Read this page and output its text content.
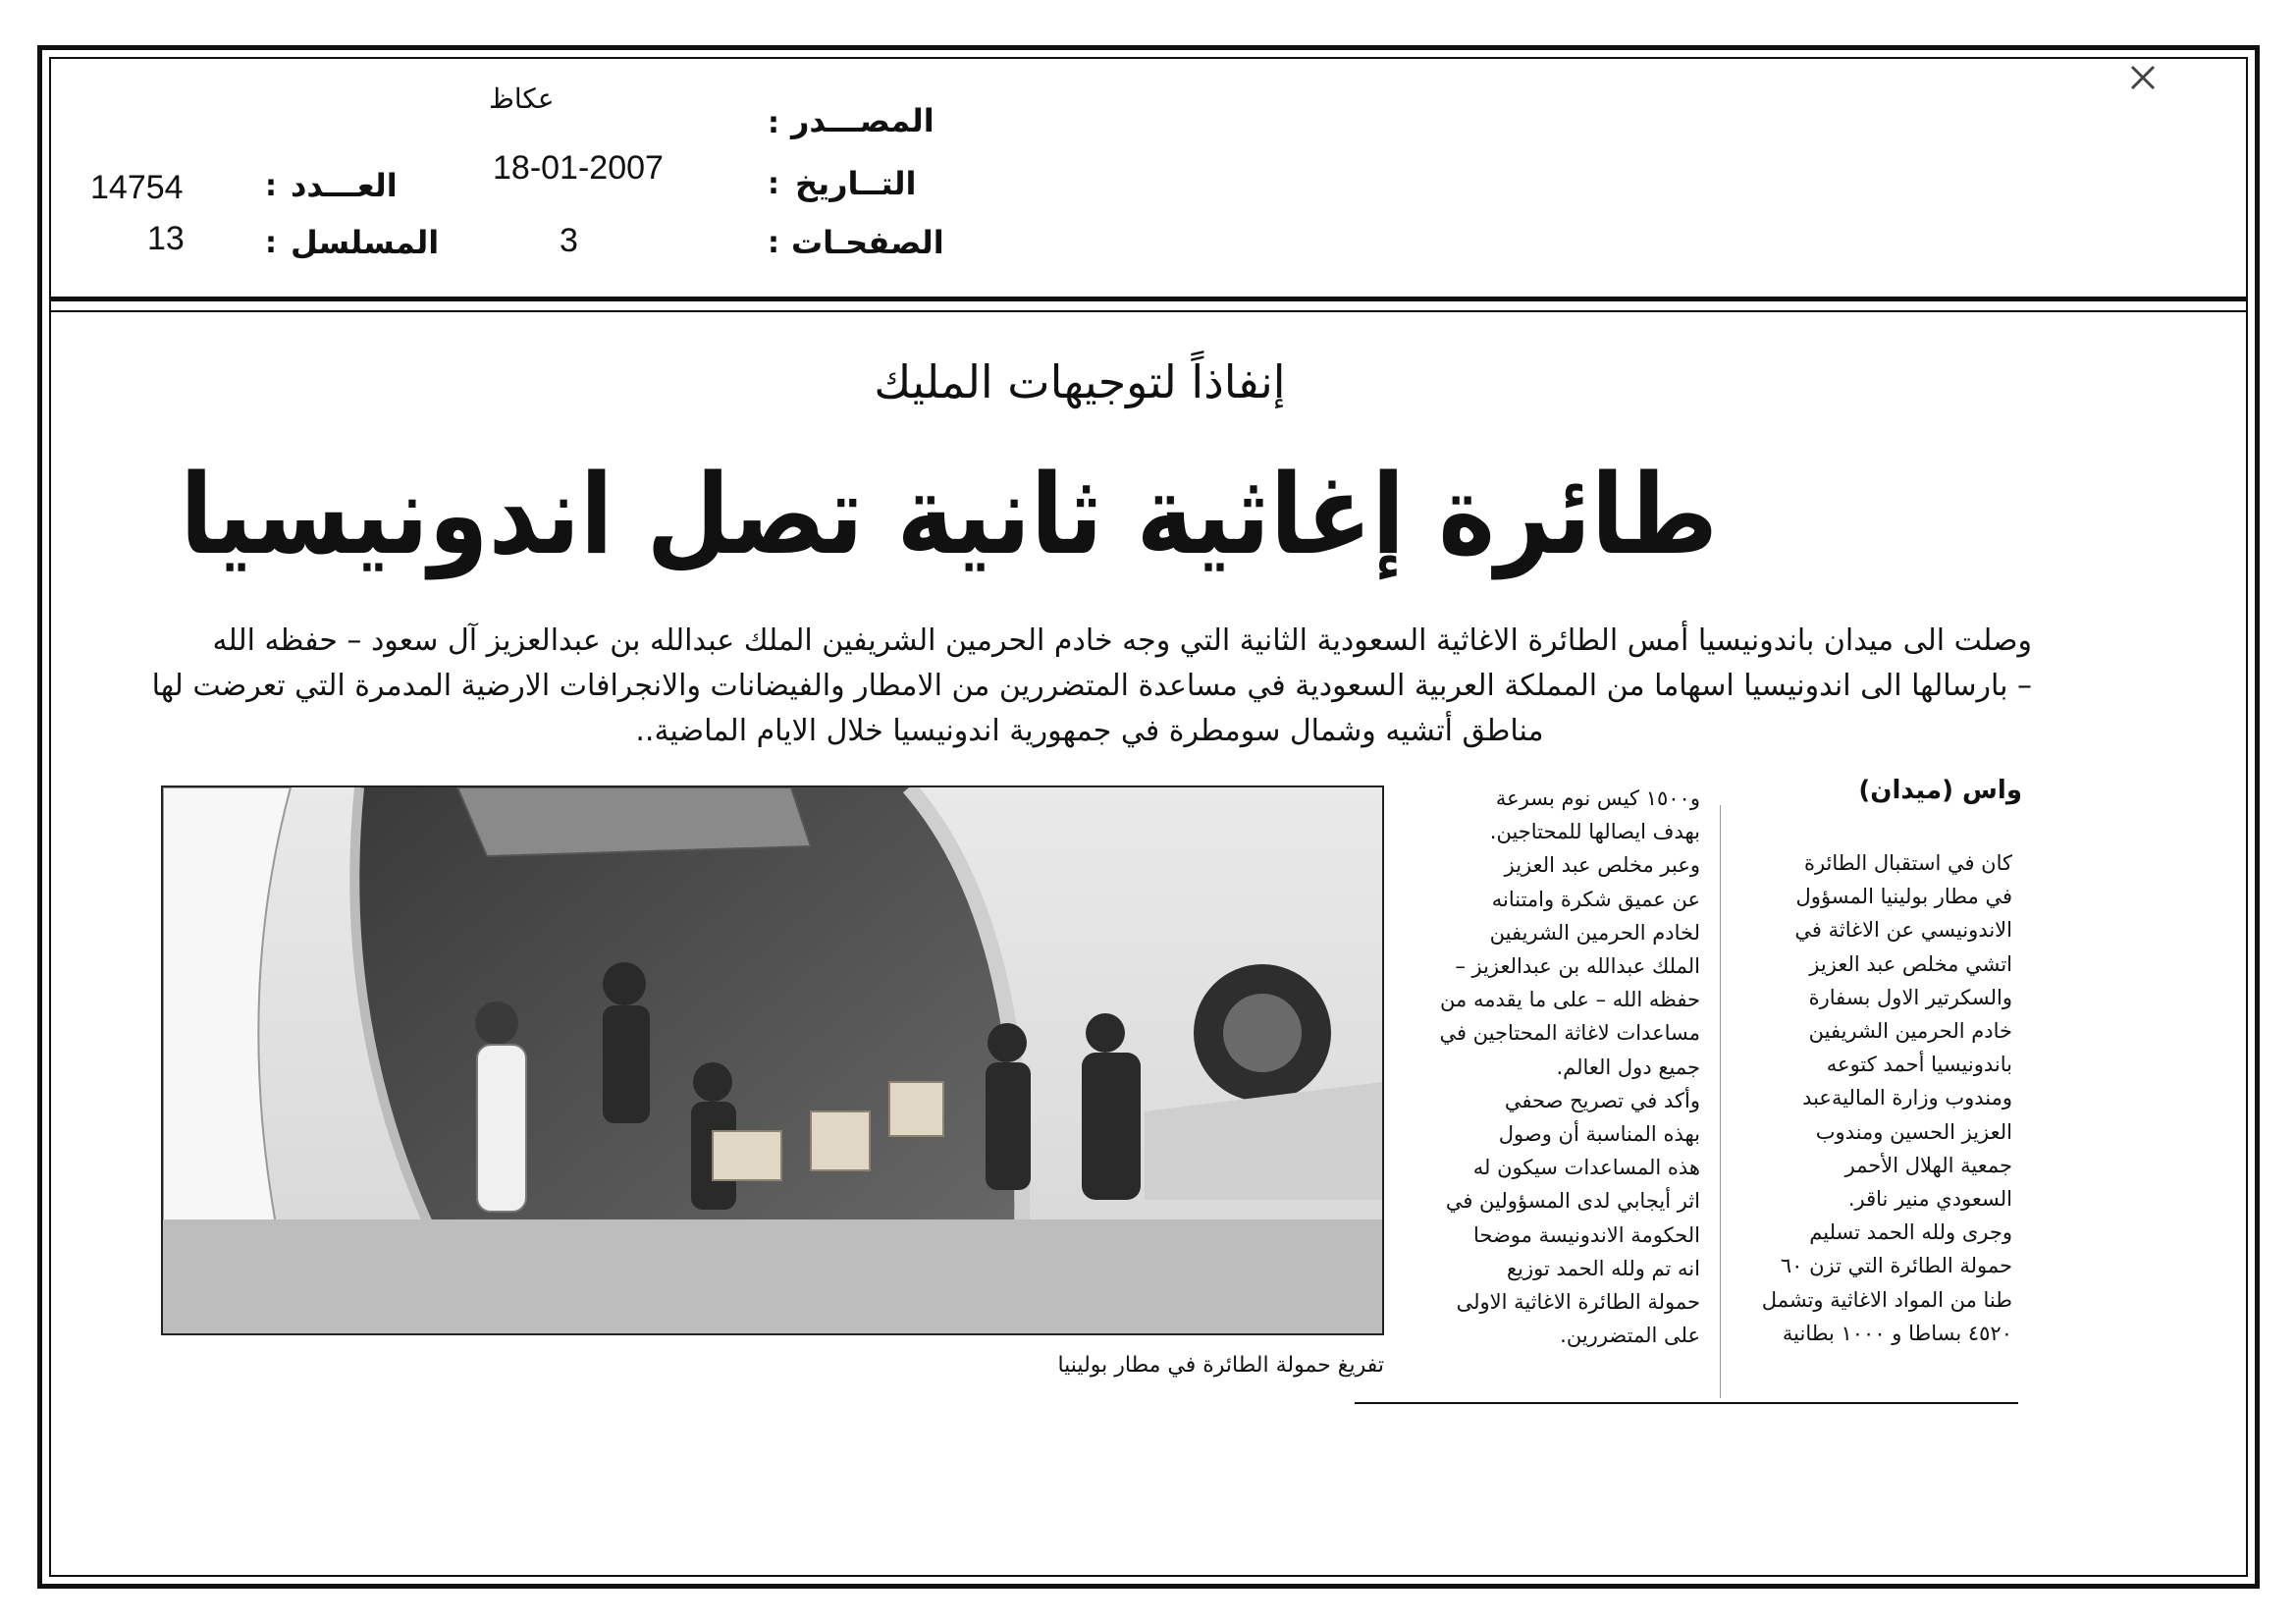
عكاظ
المصـــدر
:
18-01-2007	التــاريخ
:
3	الصفحـات
:
14754	العـــدد
:
13	المسلسل
:
إنفاذاً لتوجيهات المليك
طائرة إغاثية ثانية تصل اندونيسيا
وصلت الى ميدان باندونيسيا أمس الطائرة الاغاثية السعودية الثانية التي وجه خادم الحرمين الشريفين الملك عبدالله بن عبدالعزيز آل سعود – حفظه الله
– بارسالها الى اندونيسيا اسهاما من المملكة العربية السعودية في مساعدة المتضررين من الامطار والفيضانات والانجرافات الارضية المدمرة التي تعرضت لها
مناطق أتشيه وشمال سومطرة في جمهورية اندونيسيا خلال الايام الماضية..
واس (ميدان)
كان في استقبال الطائرة
في مطار بولينيا المسؤول
الاندونيسي عن الاغاثة في
اتشي مخلص عبد العزيز
والسكرتير الاول بسفارة
خادم الحرمين الشريفين
باندونيسيا أحمد كتوعه
ومندوب وزارة الماليةعبد
العزيز الحسين ومندوب
جمعية الهلال الأحمر
السعودي منير ناقر.
وجرى ولله الحمد تسليم
حمولة الطائرة التي تزن ٦٠
طنا من المواد الاغاثية وتشمل
٤٥٢٠ بساطا و ١٠٠٠ بطانية
و١٥٠٠ كيس نوم بسرعة
بهدف ايصالها للمحتاجين.
وعبر مخلص عبد العزيز
عن عميق شكرة وامتنانه
لخادم الحرمين الشريفين
الملك عبدالله بن عبدالعزيز –
حفظه الله – على ما يقدمه من
مساعدات لاغاثة المحتاجين في
جميع دول العالم.
وأكد في تصريح صحفي
بهذه المناسبة أن وصول
هذه المساعدات سيكون له
اثر أيجابي لدى المسؤولين في
الحكومة الاندونيسة موضحا
انه تم ولله الحمد توزيع
حمولة الطائرة الاغاثية الاولى
على المتضررين.
تفريغ حمولة الطائرة في مطار بولينيا
